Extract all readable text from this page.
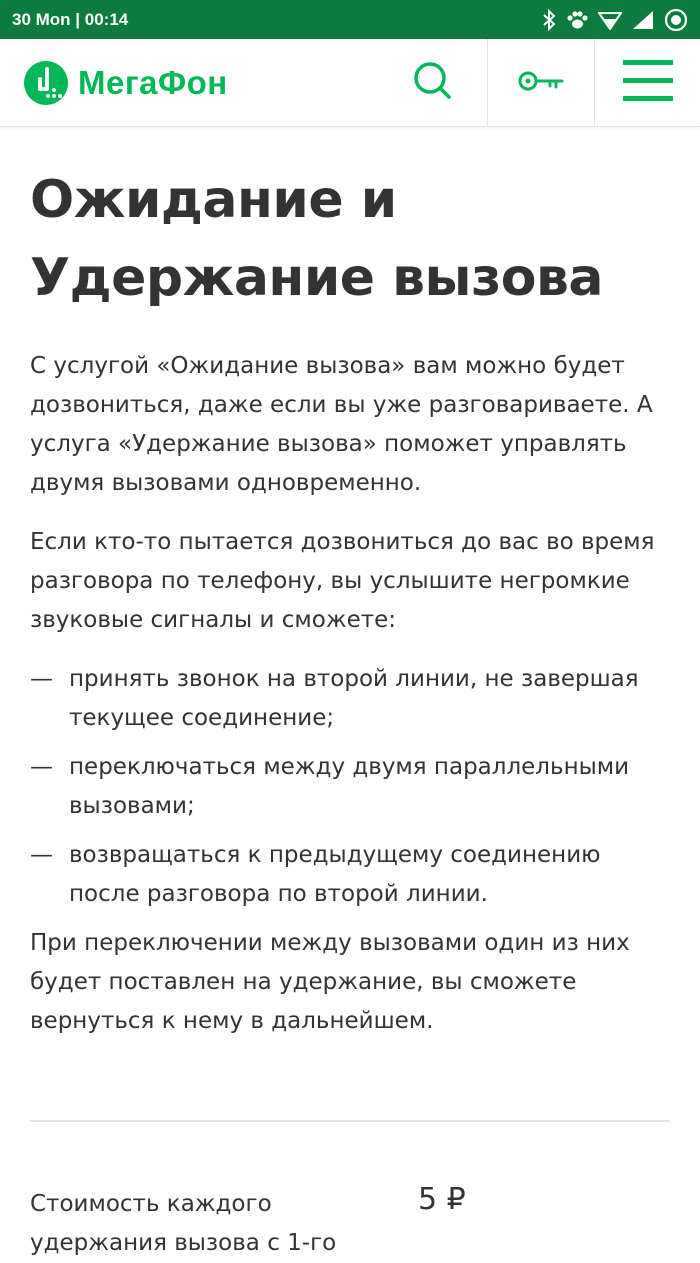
30 Mon | 00:14
МегаФон
Ожидание и Удержание вызова

С услугой «Ожидание вызова» вам можно будет дозвониться, даже если вы уже разговариваете. А услуга «Удержание вызова» поможет управлять двумя вызовами одновременно.

Если кто-то пытается дозвониться до вас во время разговора по телефону, вы услышите негромкие звуковые сигналы и сможете:

— принять звонок на второй линии, не завершая текущее соединение;
— переключаться между двумя параллельными вызовами;
— возвращаться к предыдущему соединению после разговора по второй линии.

При переключении между вызовами один из них будет поставлен на удержание, вы сможете вернуться к нему в дальнейшем.

Стоимость каждого удержания вызова с 1-го
5 ₽
